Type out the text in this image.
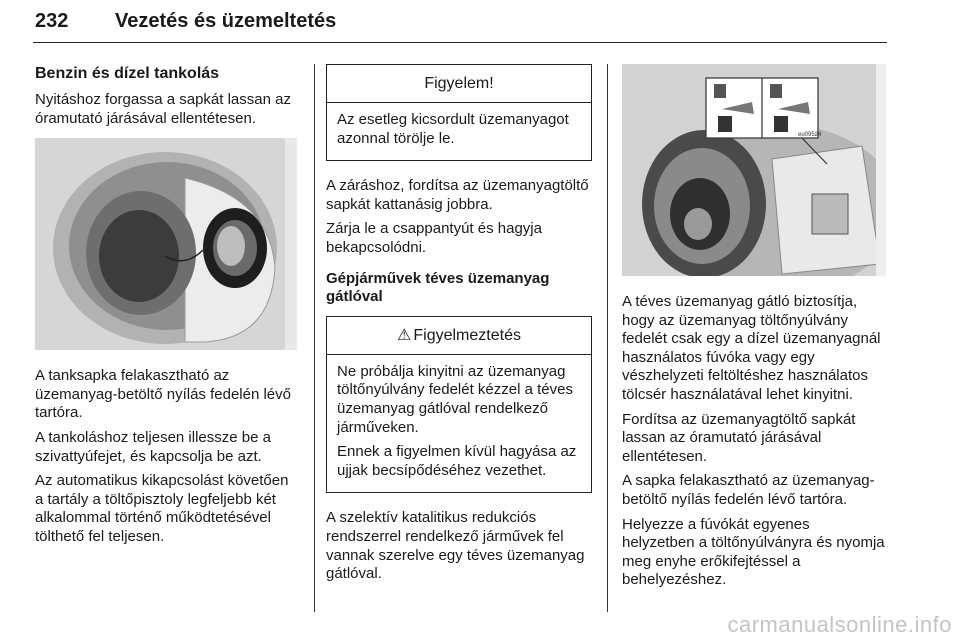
232 Vezetés és üzemeltetés
Benzin és dízel tankolás

Nyitáshoz forgassa a sapkát lassan az óramutató járásával ellentétesen.

A tanksapka felakasztható az üzemanyag-betöltő nyílás fedelén lévő tartóra.

A tankoláshoz teljesen illessze be a szivattyúfejet, és kapcsolja be azt.

Az automatikus kikapcsolást követően a tartály a töltőpisztoly legfeljebb két alkalommal történő működtetésével tölthető fel teljesen.

Figyelem!

Az esetleg kicsordult üzemanyagot azonnal törölje le.

A záráshoz, fordítsa az üzemanyagtöltő sapkát kattanásig jobbra.

Zárja le a csappantyút és hagyja bekapcsolódni.

Gépjárművek téves üzemanyag gátlóval
⚠ Figyelmeztetés

Ne próbálja kinyitni az üzemanyag töltőnyúlvány fedelét kézzel a téves üzemanyag gátlóval rendelkező járműveken.

Ennek a figyelmen kívül hagyása az ujjak becsípődéséhez vezethet.

A szelektív katalitikus redukciós rendszerrel rendelkező járművek fel vannak szerelve egy téves üzemanyag gátlóval.

eu09524

A téves üzemanyag gátló biztosítja, hogy az üzemanyag töltőnyúlvány fedelét csak egy a dízel üzemanyagnál használatos fúvóka vagy egy vészhelyzeti feltöltéshez használatos tölcsér használatával lehet kinyitni.

Fordítsa az üzemanyagtöltő sapkát lassan az óramutató járásával ellentétesen.

A sapka felakasztható az üzemanyag-betöltő nyílás fedelén lévő tartóra.

Helyezze a fúvókát egyenes helyzetben a töltőnyúlványra és nyomja meg enyhe erőkifejtéssel a behelyezéshez.

carmanualsonline.info
